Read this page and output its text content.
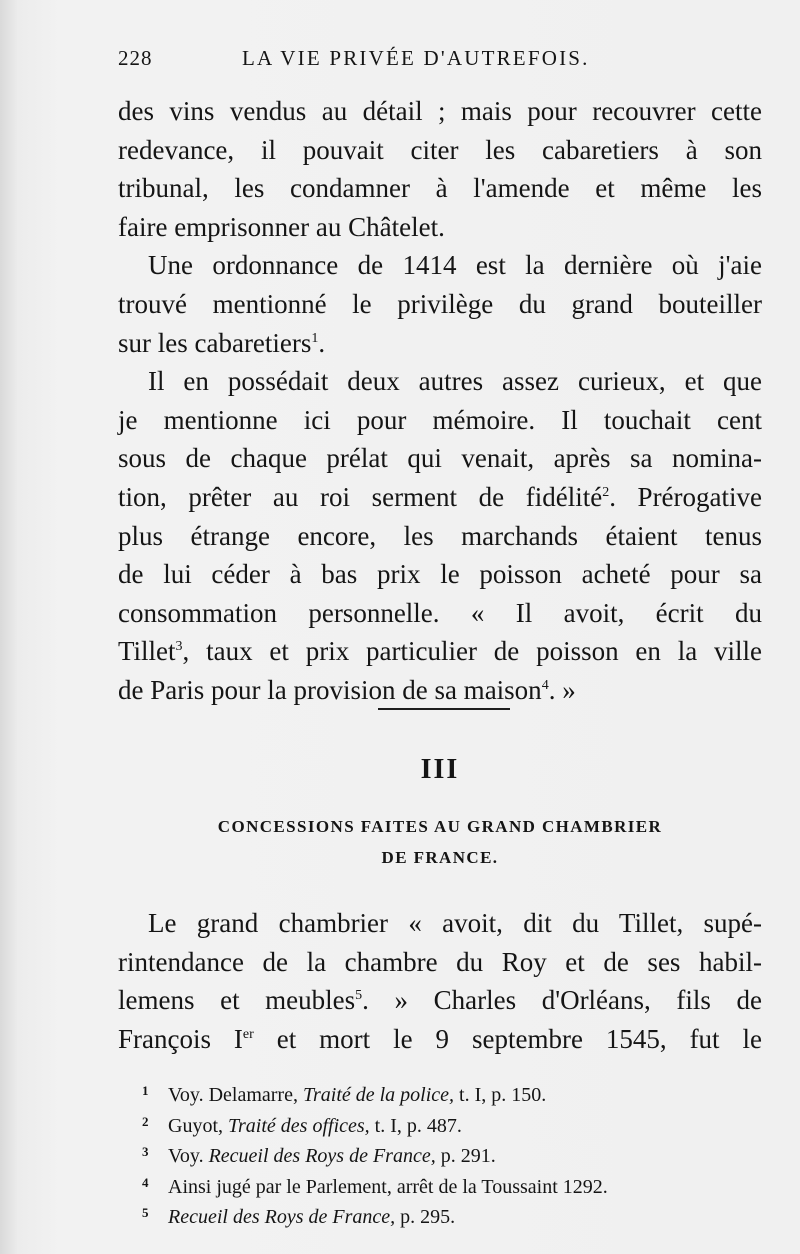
228	LA VIE PRIVÉE D'AUTREFOIS.
des vins vendus au détail ; mais pour recouvrer cette
redevance, il pouvait citer les cabaretiers à son
tribunal, les condamner à l'amende et même les
faire emprisonner au Châtelet.
Une ordonnance de 1414 est la dernière où j'aie
trouvé mentionné le privilège du grand bouteiller
sur les cabaretiers$^1$.
Il en possédait deux autres assez curieux, et que
je mentionne ici pour mémoire. Il touchait cent
sous de chaque prélat qui venait, après sa nomina-
tion, prêter au roi serment de fidélité$^2$. Prérogative
plus étrange encore, les marchands étaient tenus
de lui céder à bas prix le poisson acheté pour sa
consommation personnelle. « Il avoit, écrit du
Tillet$^3$, taux et prix particulier de poisson en la ville
de Paris pour la provision de sa maison$^4$. »
III
CONCESSIONS FAITES AU GRAND CHAMBRIER
DE FRANCE.
Le grand chambrier « avoit, dit du Tillet, supé-
rintendance de la chambre du Roy et de ses habil-
lemens et meubles$^5$. » Charles d'Orléans, fils de
François Ier et mort le 9 septembre 1545, fut le
1 Voy. Delamarre, Traité de la police, t. I, p. 150.
2 Guyot, Traité des offices, t. I, p. 487.
3 Voy. Recueil des Roys de France, p. 291.
4 Ainsi jugé par le Parlement, arrêt de la Toussaint 1292.
5 Recueil des Roys de France, p. 295.
